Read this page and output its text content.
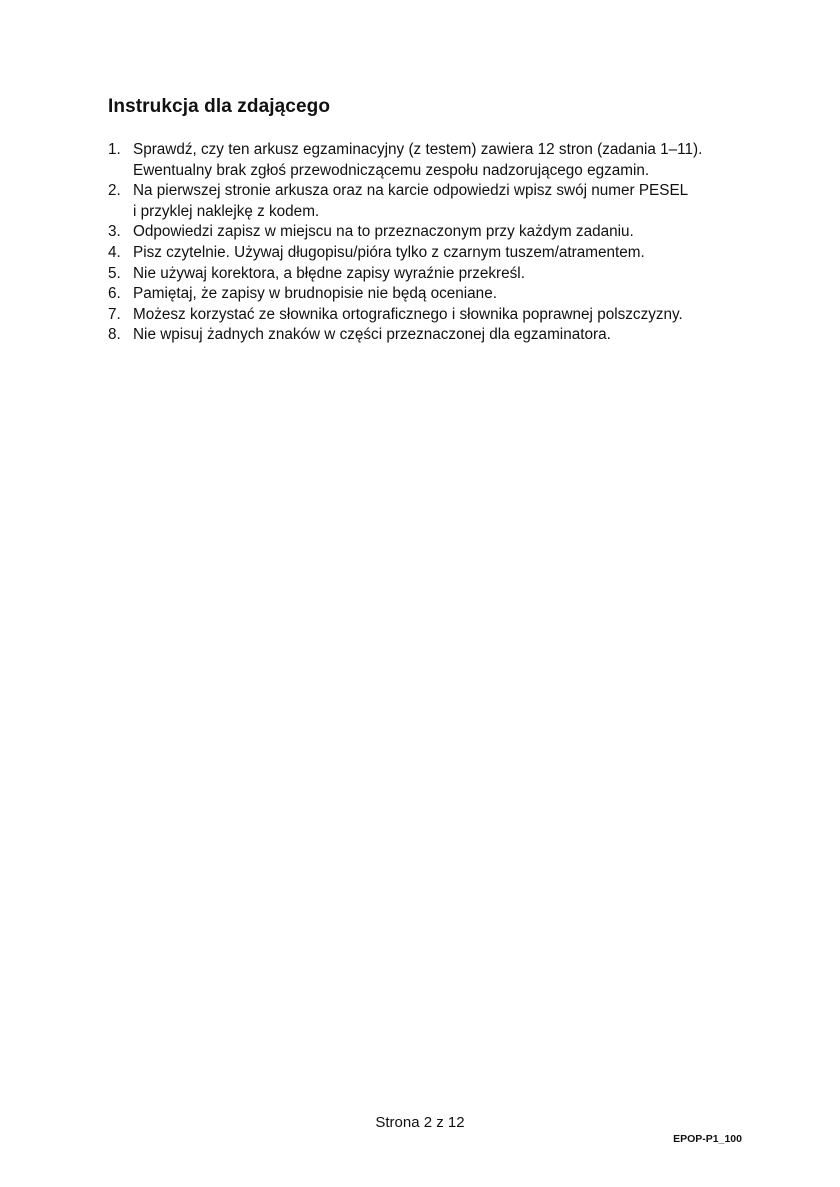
Instrukcja dla zdającego
1. Sprawdź, czy ten arkusz egzaminacyjny (z testem) zawiera 12 stron (zadania 1–11).
Ewentualny brak zgłoś przewodniczącemu zespołu nadzorującego egzamin.
2. Na pierwszej stronie arkusza oraz na karcie odpowiedzi wpisz swój numer PESEL
i przyklej naklejkę z kodem.
3. Odpowiedzi zapisz w miejscu na to przeznaczonym przy każdym zadaniu.
4. Pisz czytelnie. Używaj długopisu/pióra tylko z czarnym tuszem/atramentem.
5. Nie używaj korektora, a błędne zapisy wyraźnie przekreśl.
6. Pamiętaj, że zapisy w brudnopisie nie będą oceniane.
7. Możesz korzystać ze słownika ortograficznego i słownika poprawnej polszczyzny.
8. Nie wpisuj żadnych znaków w części przeznaczonej dla egzaminatora.
Strona 2 z 12
EPOP-P1_100
